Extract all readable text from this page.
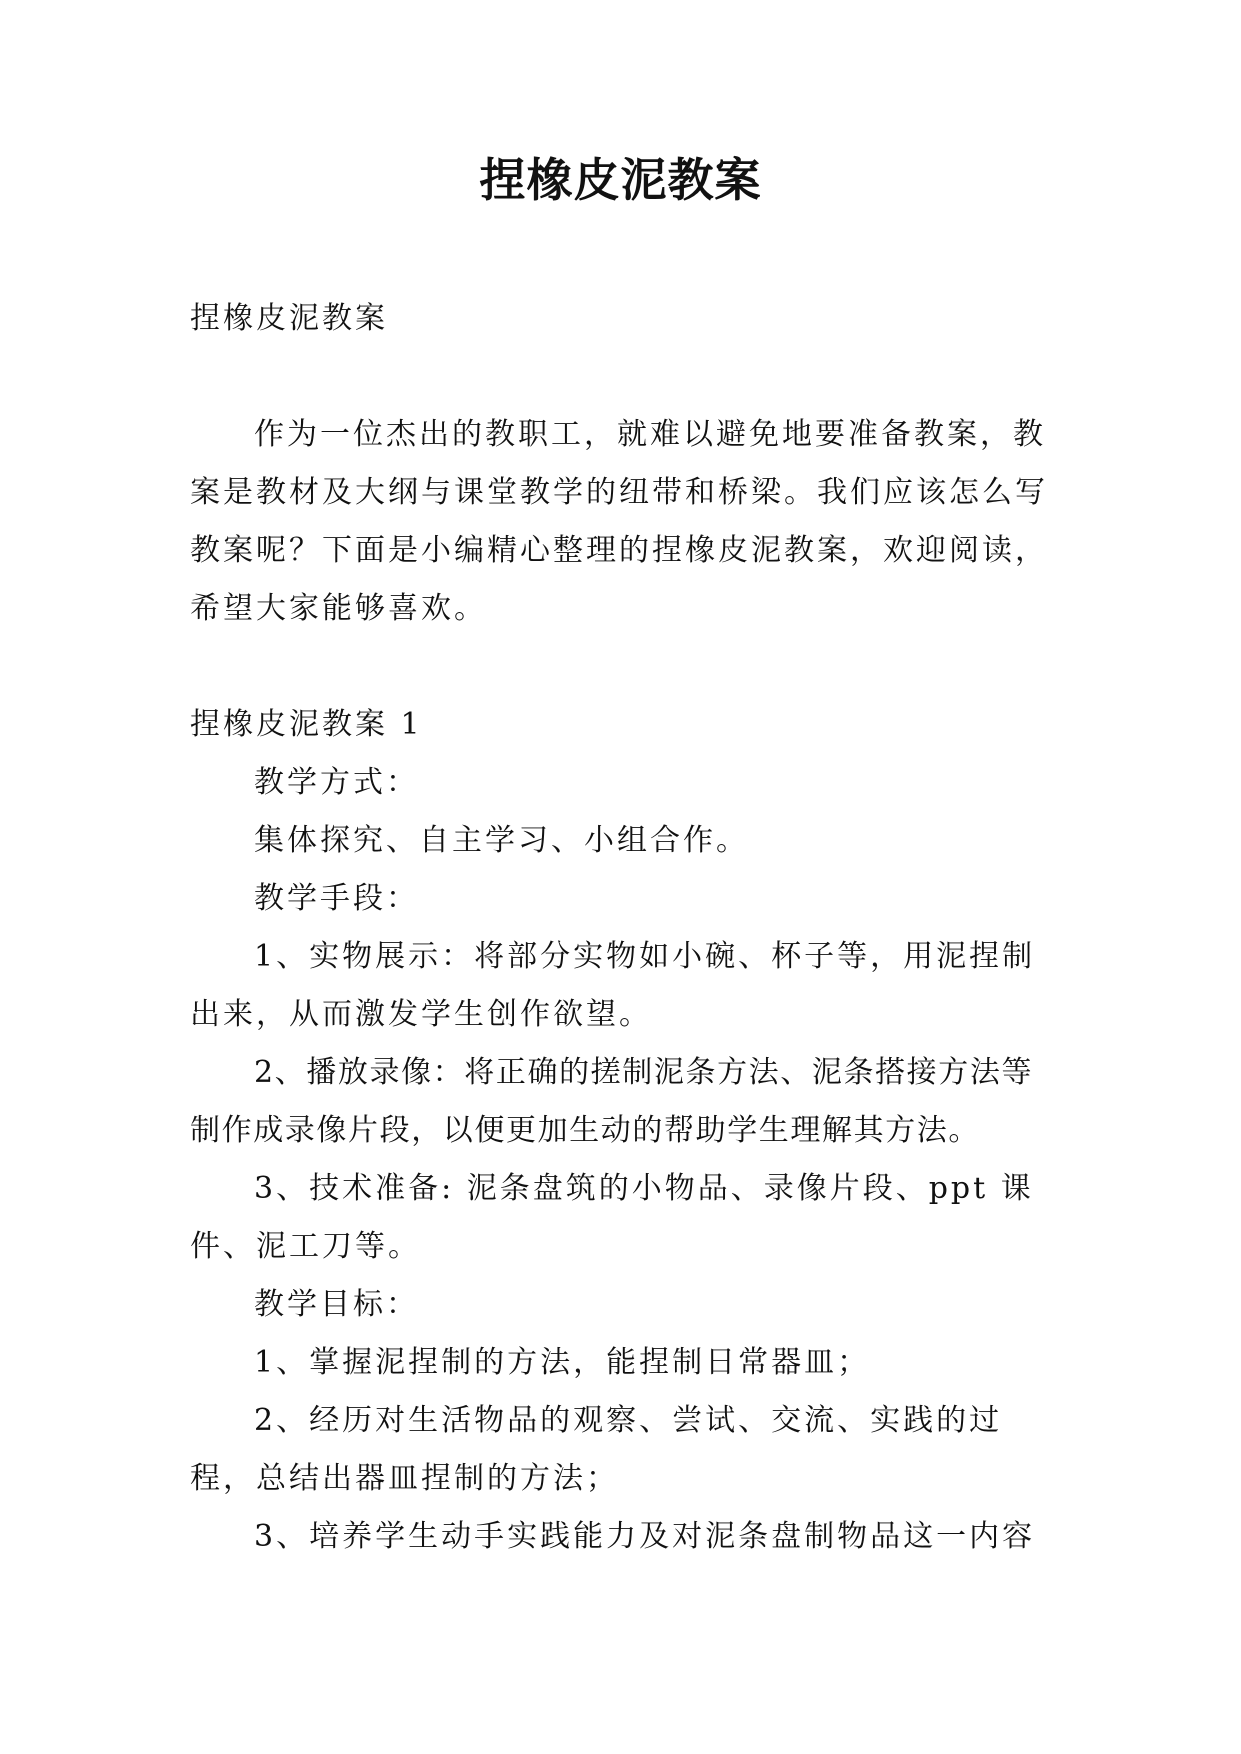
捏橡皮泥教案

捏橡皮泥教案

作为一位杰出的教职工，就难以避免地要准备教案，教案是教材及大纲与课堂教学的纽带和桥梁。我们应该怎么写教案呢？下面是小编精心整理的捏橡皮泥教案，欢迎阅读，希望大家能够喜欢。

捏橡皮泥教案 1

教学方式：

集体探究、自主学习、小组合作。

教学手段：

1、实物展示：将部分实物如小碗、杯子等，用泥捏制出来，从而激发学生创作欲望。

2、播放录像：将正确的搓制泥条方法、泥条搭接方法等制作成录像片段，以便更加生动的帮助学生理解其方法。

3、技术准备: 泥条盘筑的小物品、录像片段、ppt 课件、泥工刀等。

教学目标：

1、掌握泥捏制的方法，能捏制日常器皿；

2、经历对生活物品的观察、尝试、交流、实践的过程，总结出器皿捏制的方法；

3、培养学生动手实践能力及对泥条盘制物品这一内容
